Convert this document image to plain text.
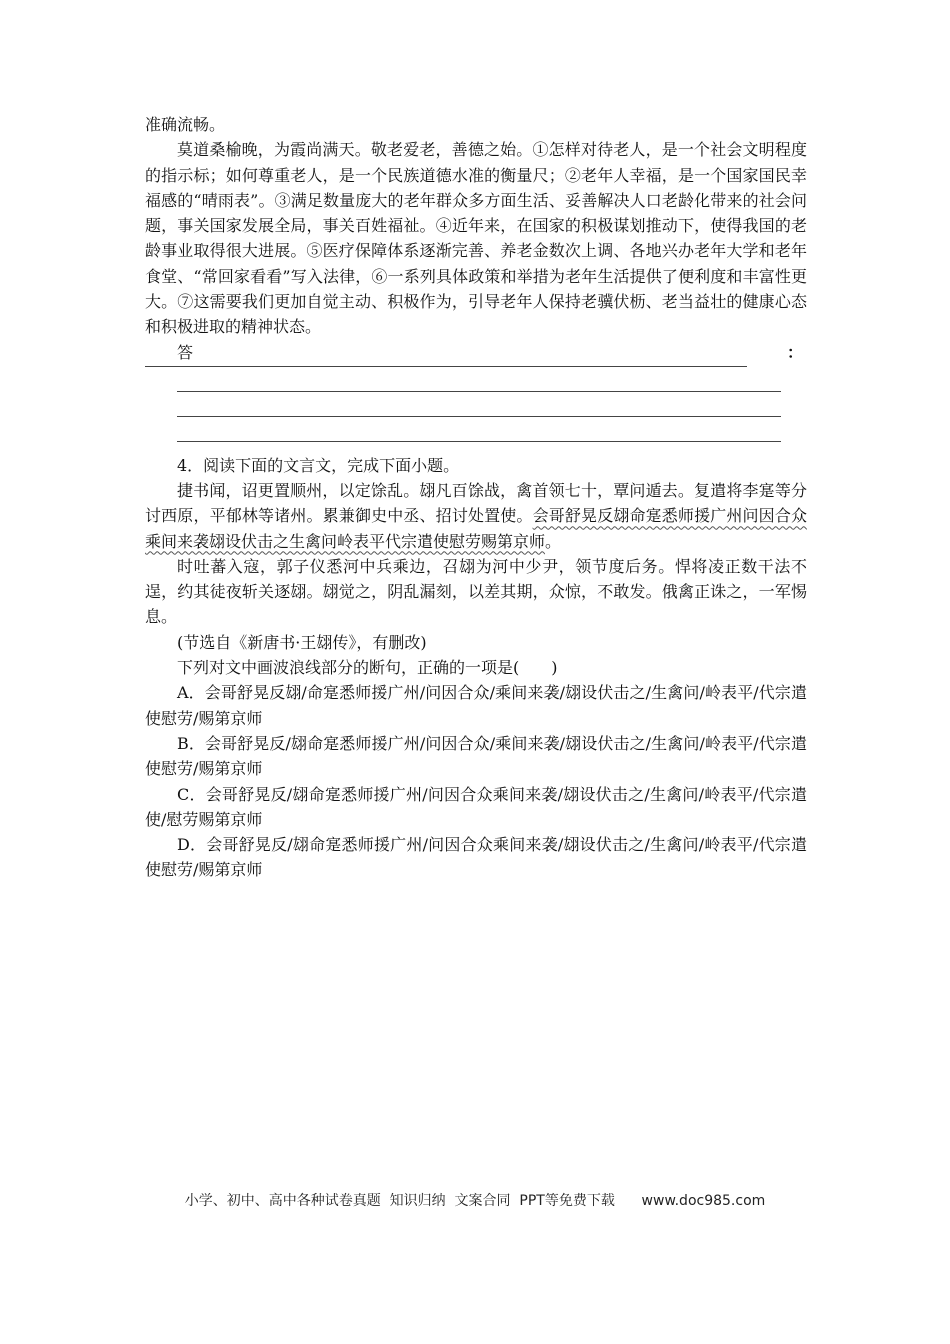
准确流畅。

莫道桑榆晚，为霞尚满天。敬老爱老，善德之始。①怎样对待老人，是一个社会文明程度的指示标；如何尊重老人，是一个民族道德水准的衡量尺；②老年人幸福，是一个国家国民幸福感的“晴雨表”。③满足数量庞大的老年群众多方面生活、妥善解决人口老龄化带来的社会问题，事关国家发展全局，事关百姓福祉。④近年来，在国家的积极谋划推动下，使得我国的老龄事业取得很大进展。⑤医疗保障体系逐渐完善、养老金数次上调、各地兴办老年大学和老年食堂、“常回家看看”写入法律，⑥一系列具体政策和举措为老年生活提供了便利度和丰富性更大。⑦这需要我们更加自觉主动、积极作为，引导老年人保持老骥伏枥、老当益壮的健康心态和积极进取的精神状态。

答	：

4．阅读下面的文言文，完成下面小题。

捷书闻，诏更置顺州，以定馀乱。翃凡百馀战，禽首领七十，覃问遁去。复遣将李寔等分讨西原，平郁林等诸州。累兼御史中丞、招讨处置使。会哥舒晃反翃命寔悉师援广州问因合众乘间来袭翃设伏击之生禽问岭表平代宗遣使慰劳赐第京师。

时吐蕃入寇，郭子仪悉河中兵乘边，召翃为河中少尹，领节度后务。悍将凌正数干法不逞，约其徒夜斩关逐翃。翃觉之，阴乱漏刻，以差其期，众惊，不敢发。俄禽正诛之，一军惕息。

(节选自《新唐书·王翃传》，有删改)

下列对文中画波浪线部分的断句，正确的一项是(　　)

A．会哥舒晃反翃/命寔悉师援广州/问因合众/乘间来袭/翃设伏击之/生禽问/岭表平/代宗遣使慰劳/赐第京师

B．会哥舒晃反/翃命寔悉师援广州/问因合众/乘间来袭/翃设伏击之/生禽问/岭表平/代宗遣使慰劳/赐第京师

C．会哥舒晃反/翃命寔悉师援广州/问因合众乘间来袭/翃设伏击之/生禽问/岭表平/代宗遣使/慰劳赐第京师

D．会哥舒晃反/翃命寔悉师援广州/问因合众乘间来袭/翃设伏击之/生禽问/岭表平/代宗遣使慰劳/赐第京师

小学、初中、高中各种试卷真题  知识归纳  文案合同  PPT等免费下载      www.doc985.com
